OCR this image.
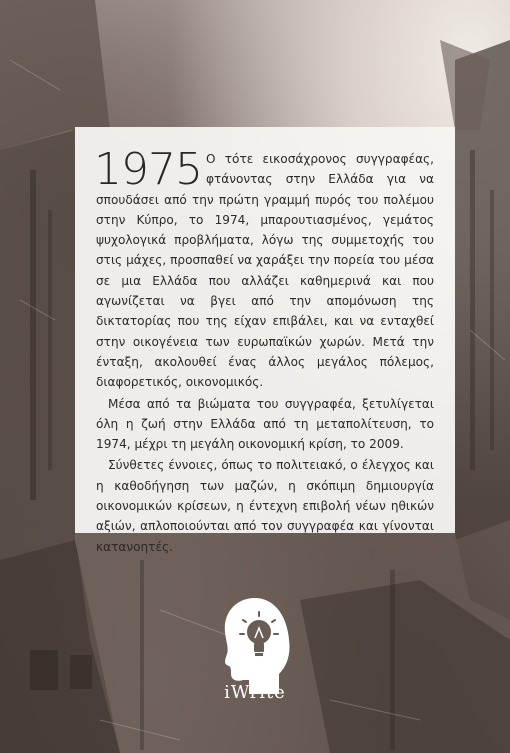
1975 Ο τότε εικοσάχρονος συγγραφέας, φτάνοντας στην Ελλάδα για να σπουδάσει από την πρώτη γραμμή πυρός του πολέμου στην Κύπρο, το 1974, μπαρουτιασμένος, γεμάτος ψυχολογικά προβλήματα, λόγω της συμμετοχής του στις μάχες, προσπαθεί να χαράξει την πορεία του μέσα σε μια Ελλάδα που αλλάζει καθημερινά και που αγωνίζεται να βγει από την απομόνωση της δικτατορίας που της είχαν επιβάλει, και να ενταχθεί στην οικογένεια των ευρωπαϊκών χωρών. Μετά την ένταξη, ακολουθεί ένας άλλος μεγάλος πόλεμος, διαφορετικός, οικονομικός.

Μέσα από τα βιώματα του συγγραφέα, ξετυλίγεται όλη η ζωή στην Ελλάδα από τη μεταπολίτευση, το 1974, μέχρι τη μεγάλη οικονομική κρίση, το 2009.

Σύνθετες έννοιες, όπως το πολιτειακό, ο έλεγχος και η καθοδήγηση των μαζών, η σκόπιμη δημιουργία οικονομικών κρίσεων, η έντεχνη επιβολή νέων ηθικών αξιών, απλοποιούνται από τον συγγραφέα και γίνονται κατανοητές.

iWrite
